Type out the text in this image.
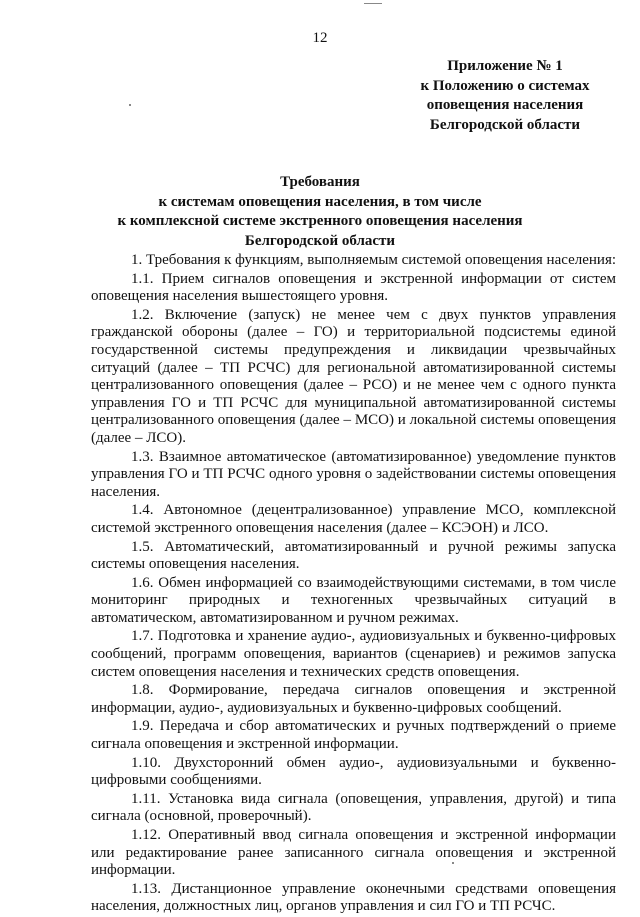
12
Приложение № 1
к Положению о системах
оповещения населения
Белгородской области
Требования
к системам оповещения населения, в том числе
к комплексной системе экстренного оповещения населения
Белгородской области

1. Требования к функциям, выполняемым системой оповещения населения:

1.1. Прием сигналов оповещения и экстренной информации от систем оповещения населения вышестоящего уровня.

1.2. Включение (запуск) не менее чем с двух пунктов управления гражданской обороны (далее – ГО) и территориальной подсистемы единой государственной системы предупреждения и ликвидации чрезвычайных ситуаций (далее – ТП РСЧС) для региональной автоматизированной системы централизованного оповещения (далее – РСО) и не менее чем с одного пункта управления ГО и ТП РСЧС для муниципальной автоматизированной системы централизованного оповещения (далее – МСО) и локальной системы оповещения (далее – ЛСО).

1.3. Взаимное автоматическое (автоматизированное) уведомление пунктов управления ГО и ТП РСЧС одного уровня о задействовании системы оповещения населения.

1.4. Автономное (децентрализованное) управление МСО, комплексной системой экстренного оповещения населения (далее – КСЭОН) и ЛСО.

1.5. Автоматический, автоматизированный и ручной режимы запуска системы оповещения населения.

1.6. Обмен информацией со взаимодействующими системами, в том числе мониторинг природных и техногенных чрезвычайных ситуаций в автоматическом, автоматизированном и ручном режимах.

1.7. Подготовка и хранение аудио-, аудиовизуальных и буквенно-цифровых сообщений, программ оповещения, вариантов (сценариев) и режимов запуска систем оповещения населения и технических средств оповещения.

1.8. Формирование, передача сигналов оповещения и экстренной информации, аудио-, аудиовизуальных и буквенно-цифровых сообщений.

1.9. Передача и сбор автоматических и ручных подтверждений о приеме сигнала оповещения и экстренной информации.

1.10. Двухсторонний обмен аудио-, аудиовизуальными и буквенно-цифровыми сообщениями.

1.11. Установка вида сигнала (оповещения, управления, другой) и типа сигнала (основной, проверочный).

1.12. Оперативный ввод сигнала оповещения и экстренной информации или редактирование ранее записанного сигнала оповещения и экстренной информации.

1.13. Дистанционное управление оконечными средствами оповещения населения, должностных лиц, органов управления и сил ГО и ТП РСЧС.
